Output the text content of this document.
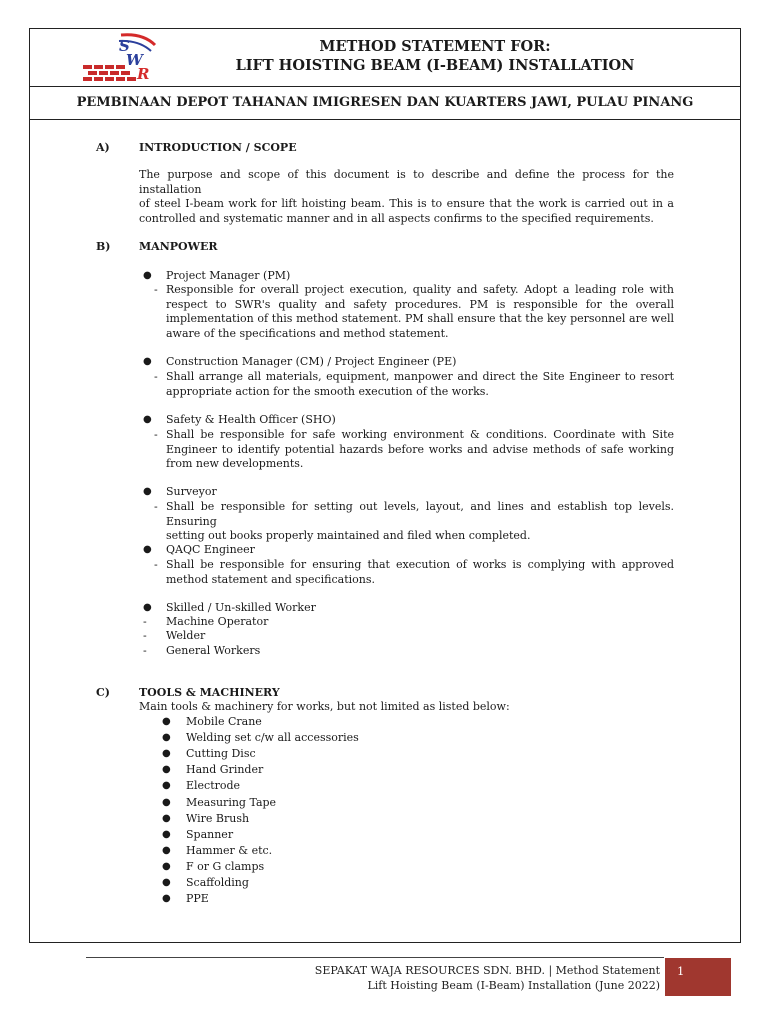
S
W
R
METHOD STATEMENT FOR:
LIFT HOISTING BEAM (I-BEAM) INSTALLATION
PEMBINAAN DEPOT TAHANAN IMIGRESEN DAN KUARTERS JAWI, PULAU PINANG
A)	INTRODUCTION / SCOPE
The purpose and scope of this document is to describe and define the process for the installation
of steel I-beam work for lift hoisting beam. This is to ensure that the work is carried out in a
controlled and systematic manner and in all aspects confirms to the specified requirements.
B)	MANPOWER
● Project Manager (PM)
- Responsible for overall project execution, quality and safety. Adopt a leading role with
respect to SWR's quality and safety procedures. PM is responsible for the overall
implementation of this method statement. PM shall ensure that the key personnel are well
aware of the specifications and method statement.
● Construction Manager (CM) / Project Engineer (PE)
- Shall arrange all materials, equipment, manpower and direct the Site Engineer to resort
appropriate action for the smooth execution of the works.
● Safety & Health Officer (SHO)
- Shall be responsible for safe working environment & conditions. Coordinate with Site
Engineer to identify potential hazards before works and advise methods of safe working
from new developments.
● Surveyor
- Shall be responsible for setting out levels, layout, and lines and establish top levels. Ensuring
setting out books properly maintained and filed when completed.
● QAQC Engineer
- Shall be responsible for ensuring that execution of works is complying with approved
method statement and specifications.
● Skilled / Un-skilled Worker
- Machine Operator
- Welder
- General Workers
C)	TOOLS & MACHINERY
Main tools & machinery for works, but not limited as listed below:
● Mobile Crane
● Welding set c/w all accessories
● Cutting Disc
● Hand Grinder
● Electrode
● Measuring Tape
● Wire Brush
● Spanner
● Hammer & etc.
● F or G clamps
● Scaffolding
● PPE
SEPAKAT WAJA RESOURCES SDN. BHD. | Method Statement
Lift Hoisting Beam (I-Beam) Installation (June 2022)
1
